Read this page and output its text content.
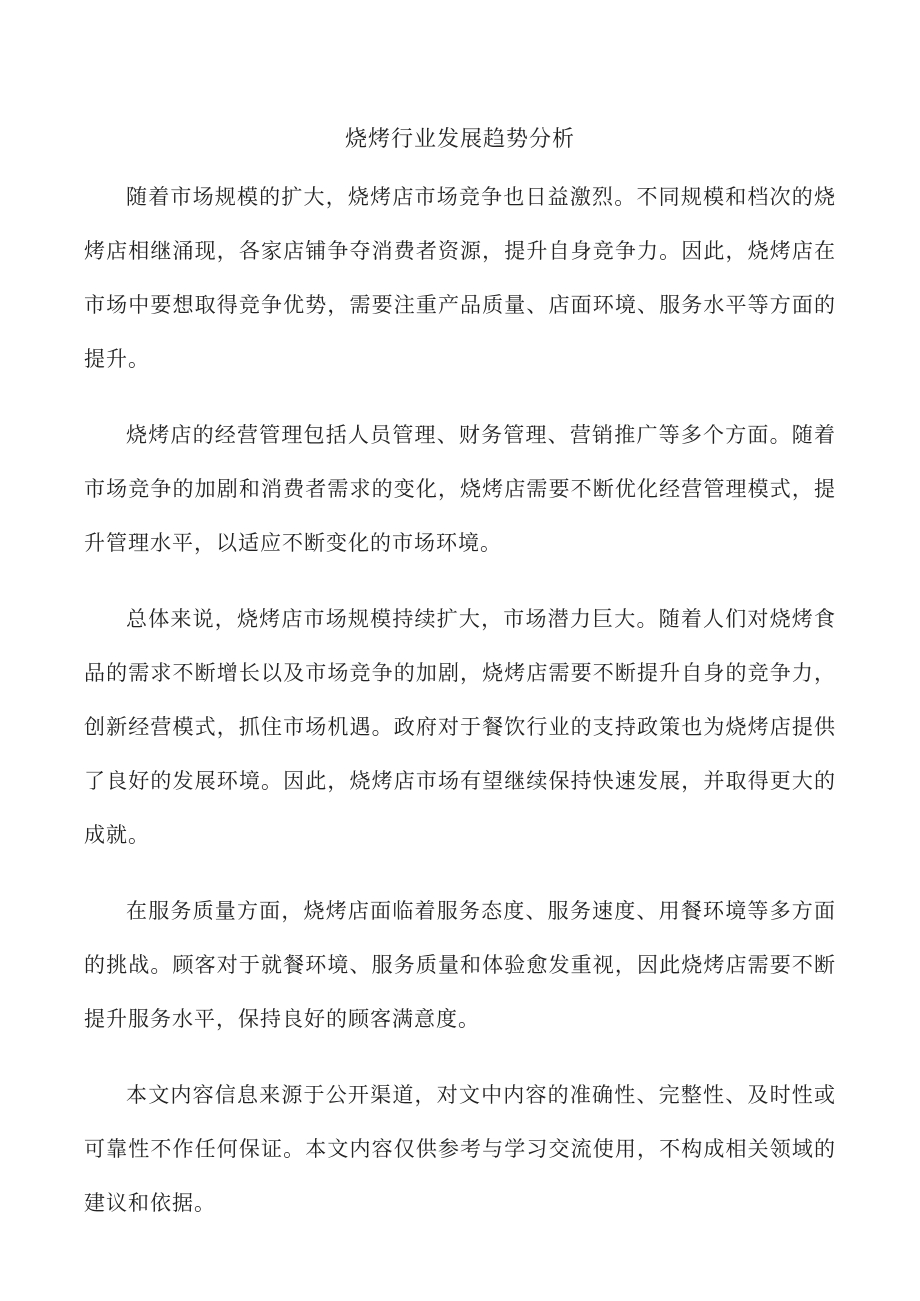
烧烤行业发展趋势分析

随着市场规模的扩大，烧烤店市场竞争也日益激烈。不同规模和档次的烧烤店相继涌现，各家店铺争夺消费者资源，提升自身竞争力。因此，烧烤店在市场中要想取得竞争优势，需要注重产品质量、店面环境、服务水平等方面的提升。

烧烤店的经营管理包括人员管理、财务管理、营销推广等多个方面。随着市场竞争的加剧和消费者需求的变化，烧烤店需要不断优化经营管理模式，提升管理水平，以适应不断变化的市场环境。

总体来说，烧烤店市场规模持续扩大，市场潜力巨大。随着人们对烧烤食品的需求不断增长以及市场竞争的加剧，烧烤店需要不断提升自身的竞争力，创新经营模式，抓住市场机遇。政府对于餐饮行业的支持政策也为烧烤店提供了良好的发展环境。因此，烧烤店市场有望继续保持快速发展，并取得更大的成就。

在服务质量方面，烧烤店面临着服务态度、服务速度、用餐环境等多方面的挑战。顾客对于就餐环境、服务质量和体验愈发重视，因此烧烤店需要不断提升服务水平，保持良好的顾客满意度。

本文内容信息来源于公开渠道，对文中内容的准确性、完整性、及时性或可靠性不作任何保证。本文内容仅供参考与学习交流使用，不构成相关领域的建议和依据。
